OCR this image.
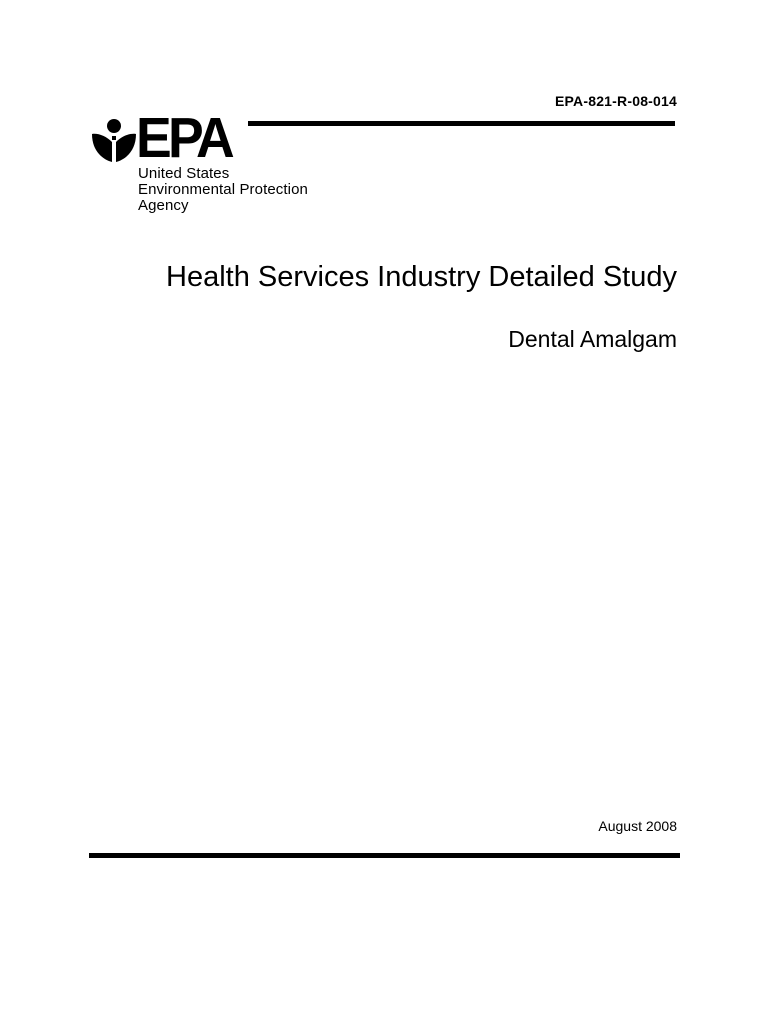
EPA-821-R-08-014
EPA
United States
Environmental Protection
Agency
Health Services Industry Detailed Study
Dental Amalgam
August 2008
